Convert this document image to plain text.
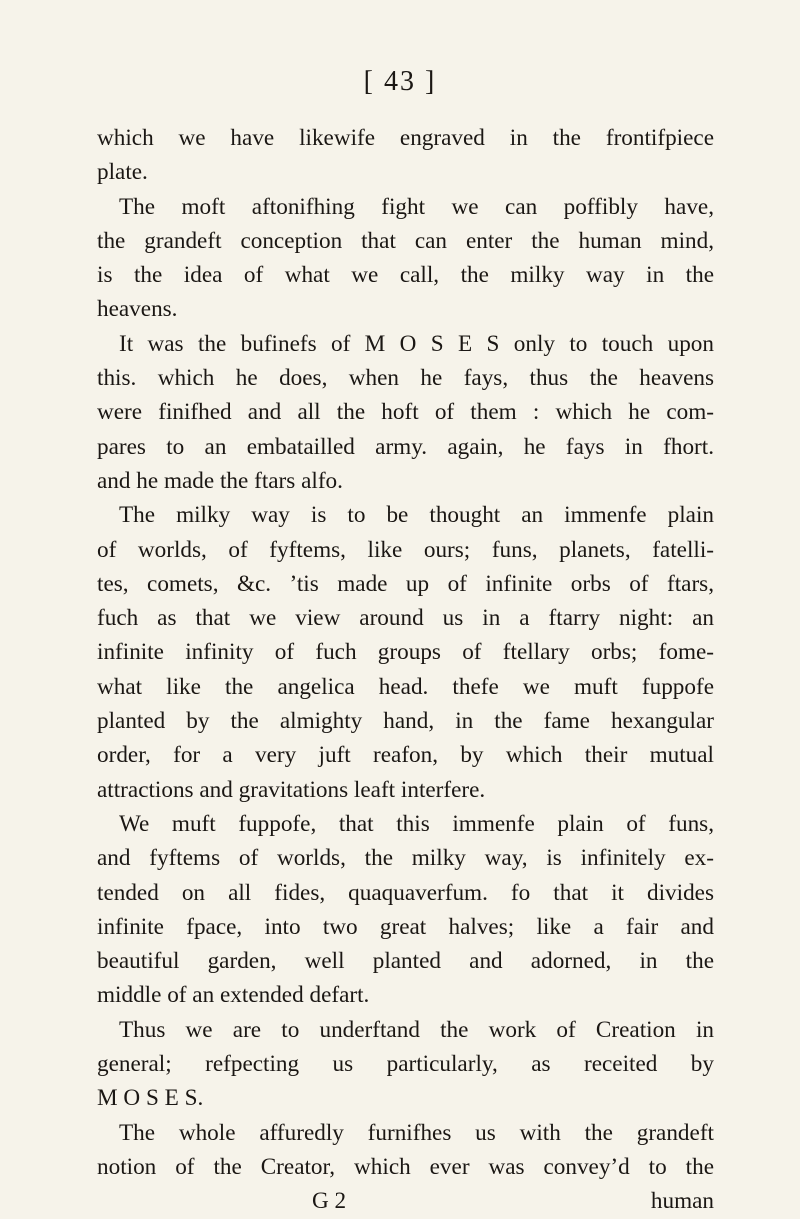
[ 43 ]
which we have likewife engraved in the frontifpiece
plate.
The moft aftonifhing fight we can poffibly have,
the grandeft conception that can enter the human mind,
is the idea of what we call, the milky way in the
heavens.
It was the bufinefs of M O S E S only to touch upon
this. which he does, when he fays, thus the heavens
were finifhed and all the hoft of them : which he com-
pares to an embatailled army. again, he fays in fhort.
and he made the ftars alfo.
The milky way is to be thought an immenfe plain
of worlds, of fyftems, like ours; funs, planets, fatelli-
tes, comets, &c. ’tis made up of infinite orbs of ftars,
fuch as that we view around us in a ftarry night: an
infinite infinity of fuch groups of ftellary orbs; fome-
what like the angelica head. thefe we muft fuppofe
planted by the almighty hand, in the fame hexangular
order, for a very juft reafon, by which their mutual
attractions and gravitations leaft interfere.
We muft fuppofe, that this immenfe plain of funs,
and fyftems of worlds, the milky way, is infinitely ex-
tended on all fides, quaquaverfum. fo that it divides
infinite fpace, into two great halves; like a fair and
beautiful garden, well planted and adorned, in the
middle of an extended defart.
Thus we are to underftand the work of Creation in
general; refpecting us particularly, as receited by
M O S E S.
The whole affuredly furnifhes us with the grandeft
notion of the Creator, which ever was convey’d to the
G 2	human
